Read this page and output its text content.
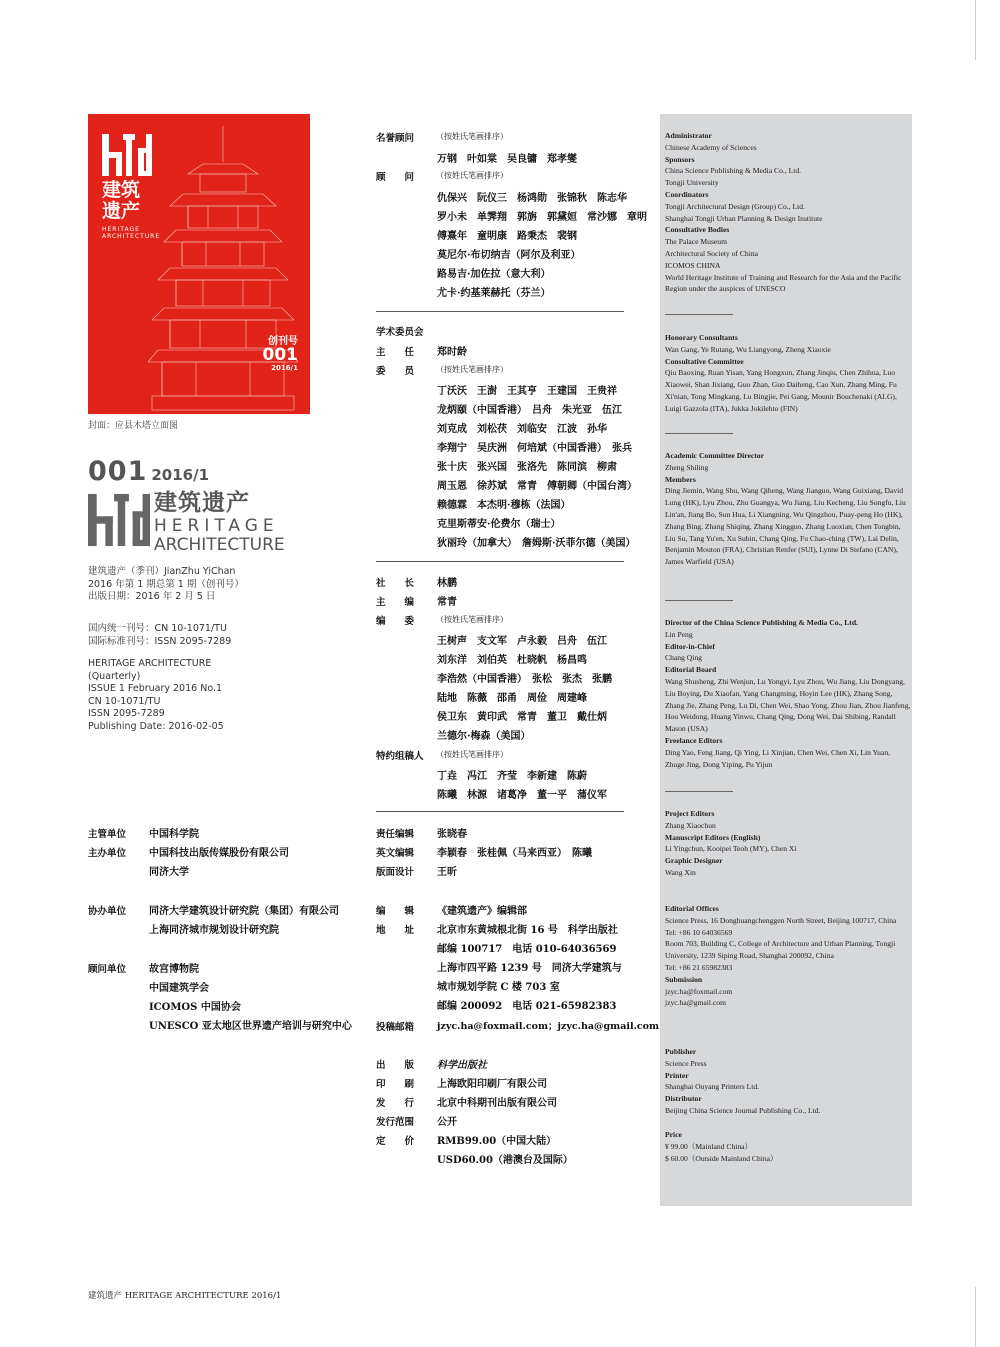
建筑遗产
HERITAGE ARCHITECTURE
创刊号
001
2016/1
封面：应县木塔立面图
001 2016/1
建筑遗产
HERITAGE
ARCHITECTURE
建筑遗产（季刊）JianZhu YiChan
2016 年第 1 期总第 1 期（创刊号）
出版日期：2016 年 2 月 5 日
国内统一刊号：CN 10-1071/TU
国际标准刊号：ISSN 2095-7289
HERITAGE ARCHITECTURE
(Quarterly)
ISSUE 1 February 2016 No.1
CN 10-1071/TU
ISSN 2095-7289
Publishing Date: 2016-02-05
主管单位 中国科学院
主办单位 中国科技出版传媒股份有限公司
同济大学
协办单位 同济大学建筑设计研究院（集团）有限公司
上海同济城市规划设计研究院
顾问单位 故宫博物院
中国建筑学会
ICOMOS 中国协会
UNESCO 亚太地区世界遗产培训与研究中心
名誉顾问	（按姓氏笔画排序）
万钢　叶如棠　吴良镛　郑孝燮
顾　　问	（按姓氏笔画排序）
仇保兴　阮仪三　杨鸿勋　张锦秋　陈志华
罗小未　单霁翔　郭旃　郭黛姮　常沙娜　章明
傅熹年　童明康　路秉杰　裴钢
莫尼尔·布切纳吉（阿尔及利亚）
路易吉·加佐拉（意大利）
尤卡·约基莱赫托（芬兰）
学术委员会
主　　任 郑时龄
委　　员	（按姓氏笔画排序）
丁沃沃　王澍　王其亨　王建国　王贵祥
龙炳颐（中国香港）　吕舟　朱光亚　伍江
刘克成　刘松茯　刘临安　江波　孙华
李翔宁　吴庆洲　何培斌（中国香港）　张兵
张十庆　张兴国　张洛先　陈同滨　柳肃
周玉恩　徐苏斌　常青　傅朝卿（中国台湾）
赖德霖　本杰明·穆栋（法国）
克里斯蒂安·伦费尔（瑞士）
狄丽玲（加拿大）　詹姆斯·沃菲尔德（美国）
社　　长 林鹏
主　　编 常青
编　　委	（按姓氏笔画排序）
王树声　支文军　卢永毅　吕舟　伍江
刘东洋　刘伯英　杜晓帆　杨昌鸣
李浩然（中国香港）　张松　张杰　张鹏
陆地　陈薇　邵甬　周俭　周建峰
侯卫东　黄印武　常青　董卫　戴仕炳
兰德尔·梅森（美国）
特约组稿人 （按姓氏笔画排序）
丁垚　冯江　齐莹　李新建　陈蔚
陈曦　林源　诸葛净　董一平　蒲仪军
责任编辑 张晓春
英文编辑 李颖春　张桂佩（马来西亚）　陈曦
版面设计 王昕
编　　辑 《建筑遗产》编辑部
地　　址 北京市东黄城根北街 16 号　科学出版社
邮编 100717　电话 010-64036569
上海市四平路 1239 号　同济大学建筑与
城市规划学院 C 楼 703 室
邮编 200092　电话 021-65982383
投稿邮箱 jzyc.ha@foxmail.com；jzyc.ha@gmail.com
出　　版 科学出版社
印　　刷 上海欧阳印刷厂有限公司
发　　行 北京中科期刊出版有限公司
发行范围 公开
定　　价 RMB99.00（中国大陆）
USD60.00（港澳台及国际）
Administrator
Chinese Academy of Sciences
Sponsors
China Science Publishing & Media Co., Ltd.
Tongji University
Coordinators
Tongji Architectural Design (Group) Co., Ltd.
Shanghai Tongji Urban Planning & Design Institute
Consultative Bodies
The Palace Museum
Architectural Society of China
ICOMOS CHINA
World Heritage Institute of Training and Research for the Asia and the Pacific Region under the auspices of UNESCO
Honorary Consultants
Wan Gang, Ye Rutang, Wu Liangyong, Zheng Xiaoxie
Consultative Committee
Qiu Baoxing, Ruan Yisan, Yang Hongxun, Zhang Jinqiu, Chen Zhihua, Luo Xiaowei, Shan Jixiang, Guo Zhan, Guo Daiheng, Cao Xun, Zhang Ming, Fu Xi'nian, Tong Mingkang, Lu Bingjie, Pei Gang, Mounir Bouchenaki (ALG), Luigi Gazzola (ITA), Jukka Jokilehto (FIN)
Academic Committee Director
Zheng Shiling
Members
Ding Jiemin, Wang Shu, Wang Qiheng, Wang Jianguo, Wang Guixiang, David Lung (HK), Lyu Zhou, Zhu Guangya, Wu Jiang, Liu Kecheng, Liu Songfu, Liu Lin'an, Jiang Bo, Sun Hua, Li Xiangning, Wu Qingzhou, Puay-peng Ho (HK), Zhang Bing, Zhang Shiqing, Zhang Xingguo, Zhang Luoxian, Chen Tongbin, Liu Su, Tang Yu'en, Xu Subin, Chang Qing, Fu Chao-ching (TW), Lai Delin, Benjamin Mouton (FRA), Christian Renfer (SUI), Lynne Di Stefano (CAN), James Warfield (USA)
Director of the China Science Publishing & Media Co., Ltd.
Lin Peng
Editor-in-Chief
Chang Qing
Editorial Board
Wang Shusheng, Zhi Wenjun, Lu Yongyi, Lyu Zhou, Wu Jiang, Liu Dongyang, Liu Boying, Du Xiaofan, Yang Changming, Hoyin Lee (HK), Zhang Song, Zhang Jie, Zhang Peng, Lu Di, Chen Wei, Shao Yong, Zhou Jian, Zhou Jianfeng, Hou Weidong, Huang Yinwu, Chang Qing, Dong Wei, Dai Shibing, Randall Mason (USA)
Freelance Editors
Ding Yao, Feng Jiang, Qi Ying, Li Xinjian, Chen Wei, Chen Xi, Lin Yuan, Zhuge Jing, Dong Yiping, Pu Yijun
Project Editors
Zhang Xiaochun
Manuscript Editors (English)
Li Yingchun, Kooipei Teoh (MY), Chen Xi
Graphic Designer
Wang Xin
Editorial Offices
Science Press, 16 Donghuangchenggen North Street, Beijing 100717, China
Tel: +86 10 64036569
Room 703, Building C, College of Architecture and Urban Planning, Tongji University, 1239 Siping Road, Shanghai 200092, China
Tel: +86 21 65982383
Submission
jzyc.ha@foxmail.com
jzyc.ha@gmail.com
Publisher
Science Press
Printer
Shanghai Ouyang Printers Ltd.
Distributor
Beijing China Science Journal Publishing Co., Ltd.
Price
¥ 99.00（Mainland China）
$ 60.00（Outside Mainland China）
建筑遗产 HERITAGE ARCHITECTURE 2016/1
